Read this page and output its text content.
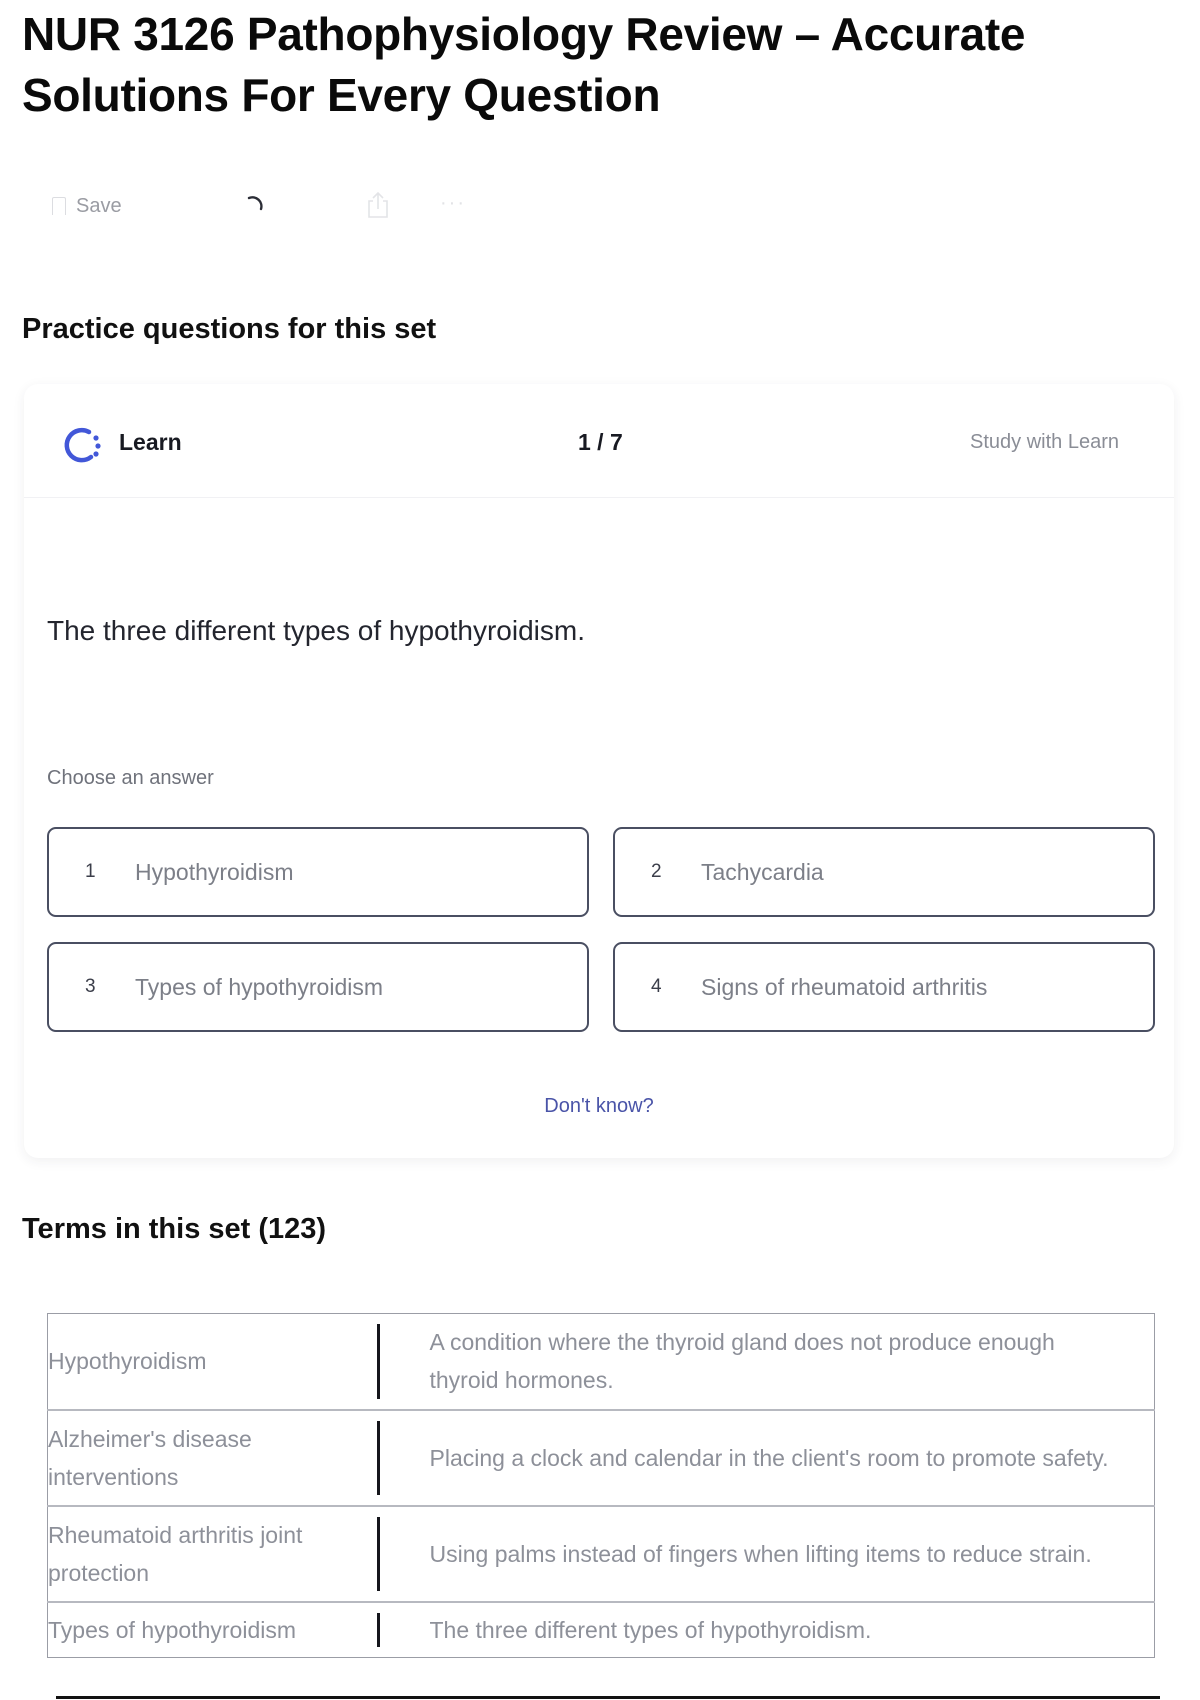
NUR 3126 Pathophysiology Review – Accurate Solutions For Every Question
Save	···
Practice questions for this set
Learn	1 / 7	Study with Learn

The three different types of hypothyroidism.

Choose an answer

1	Hypothyroidism	2	Tachycardia
3	Types of hypothyroidism	4	Signs of rheumatoid arthritis

Don't know?

Terms in this set (123)
Hypothyroidism	A condition where the thyroid gland does not produce enough thyroid hormones.
Alzheimer's disease interventions	Placing a clock and calendar in the client's room to promote safety.
Rheumatoid arthritis joint protection	Using palms instead of fingers when lifting items to reduce strain.
Types of hypothyroidism	The three different types of hypothyroidism.
